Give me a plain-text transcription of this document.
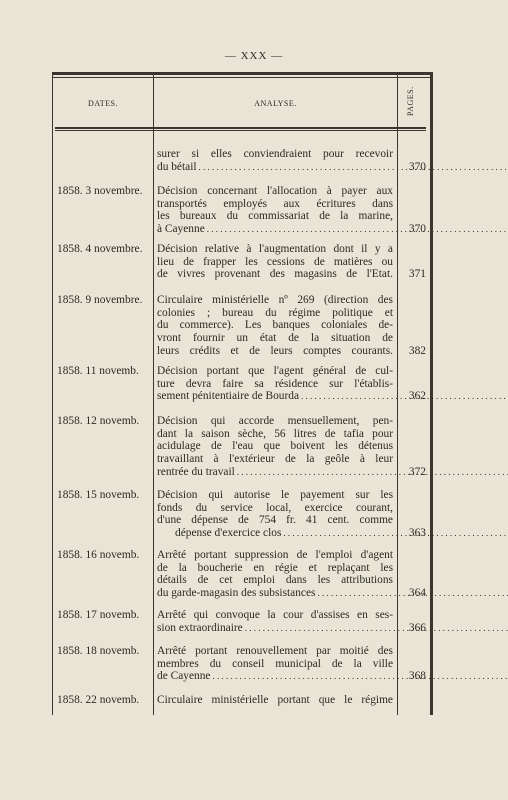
— XXX —
DATES.	ANALYSE.	PAGES.
surer si elles conviendraient pour recevoir
du bétail . . .	370
1858. 3 novembre.	Décision concernant l'allocation à payer aux
transportés employés aux écritures dans
les bureaux du commissariat de la marine,
à Cayenne . . .	370
1858. 4 novembre.	Décision relative à l'augmentation dont il y a
lieu de frapper les cessions de matières ou
de vivres provenant des magasins de l'Etat.	371
1858. 9 novembre.	Circulaire ministérielle nº 269 (direction des
colonies ; bureau du régime politique et
du commerce). Les banques coloniales de-
vront fournir un état de la situation de
leurs crédits et de leurs comptes courants.	382
1858. 11 novemb.	Décision portant que l'agent général de cul-
ture devra faire sa résidence sur l'établis-
sement pénitentiaire de Bourda . . .	362
1858. 12 novemb.	Décision qui accorde mensuellement, pen-
dant la saison sèche, 56 litres de tafia pour
acidulage de l'eau que boivent les détenus
travaillant à l'extérieur de la geôle à leur
rentrée du travail . . .	372
1858. 15 novemb.	Décision qui autorise le payement sur les
fonds du service local, exercice courant,
d'une dépense de 754 fr. 41 cent. comme
dépense d'exercice clos . . .	363
1858. 16 novemb.	Arrêté portant suppression de l'emploi d'agent
de la boucherie en régie et replaçant les
détails de cet emploi dans les attributions
du garde-magasin des subsistances . . .	364
1858. 17 novemb.	Arrêté qui convoque la cour d'assises en ses-
sion extraordinaire . . .	366
1858. 18 novemb.	Arrêté portant renouvellement par moitié des
membres du conseil municipal de la ville
de Cayenne . . .	368
1858. 22 novemb.	Circulaire ministérielle portant que le régime
